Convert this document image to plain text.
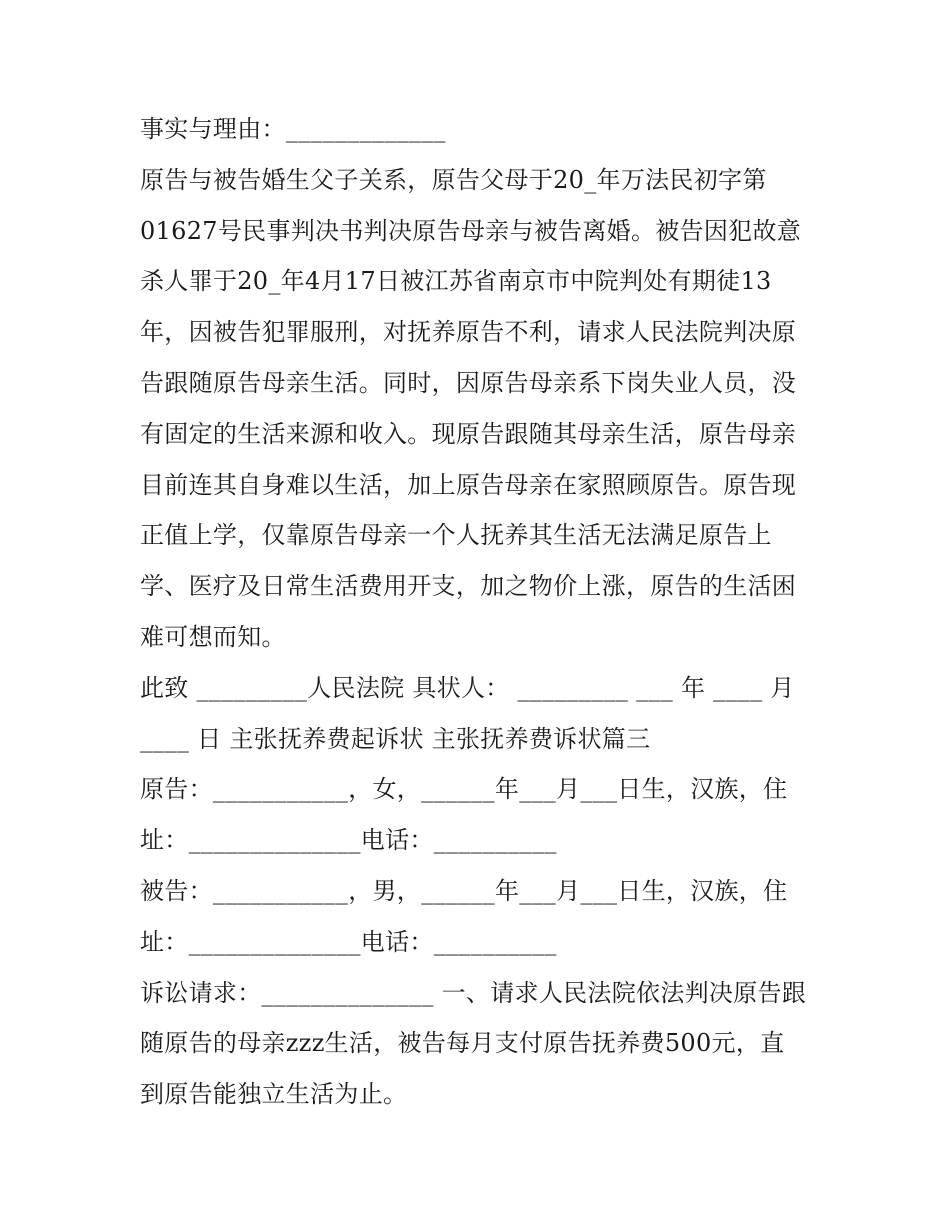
事实与理由：_____________
原告与被告婚生父子关系，原告父母于20_年万法民初字第
01627号民事判决书判决原告母亲与被告离婚。被告因犯故意
杀人罪于20_年4月17日被江苏省南京市中院判处有期徒13
年，因被告犯罪服刑，对抚养原告不利，请求人民法院判决原
告跟随原告母亲生活。同时，因原告母亲系下岗失业人员，没
有固定的生活来源和收入。现原告跟随其母亲生活，原告母亲
目前连其自身难以生活，加上原告母亲在家照顾原告。原告现
正值上学，仅靠原告母亲一个人抚养其生活无法满足原告上
学、医疗及日常生活费用开支，加之物价上涨，原告的生活困
难可想而知。
此致 _________人民法院 具状人： _________ ___ 年 ____ 月
____ 日 主张抚养费起诉状 主张抚养费诉状篇三
原告：___________，女，______年___月___日生，汉族，住
址：______________电话：__________
被告：___________，男，______年___月___日生，汉族，住
址：______________电话：__________
诉讼请求：______________ 一、请求人民法院依法判决原告跟
随原告的母亲zzz生活，被告每月支付原告抚养费500元，直
到原告能独立生活为止。
